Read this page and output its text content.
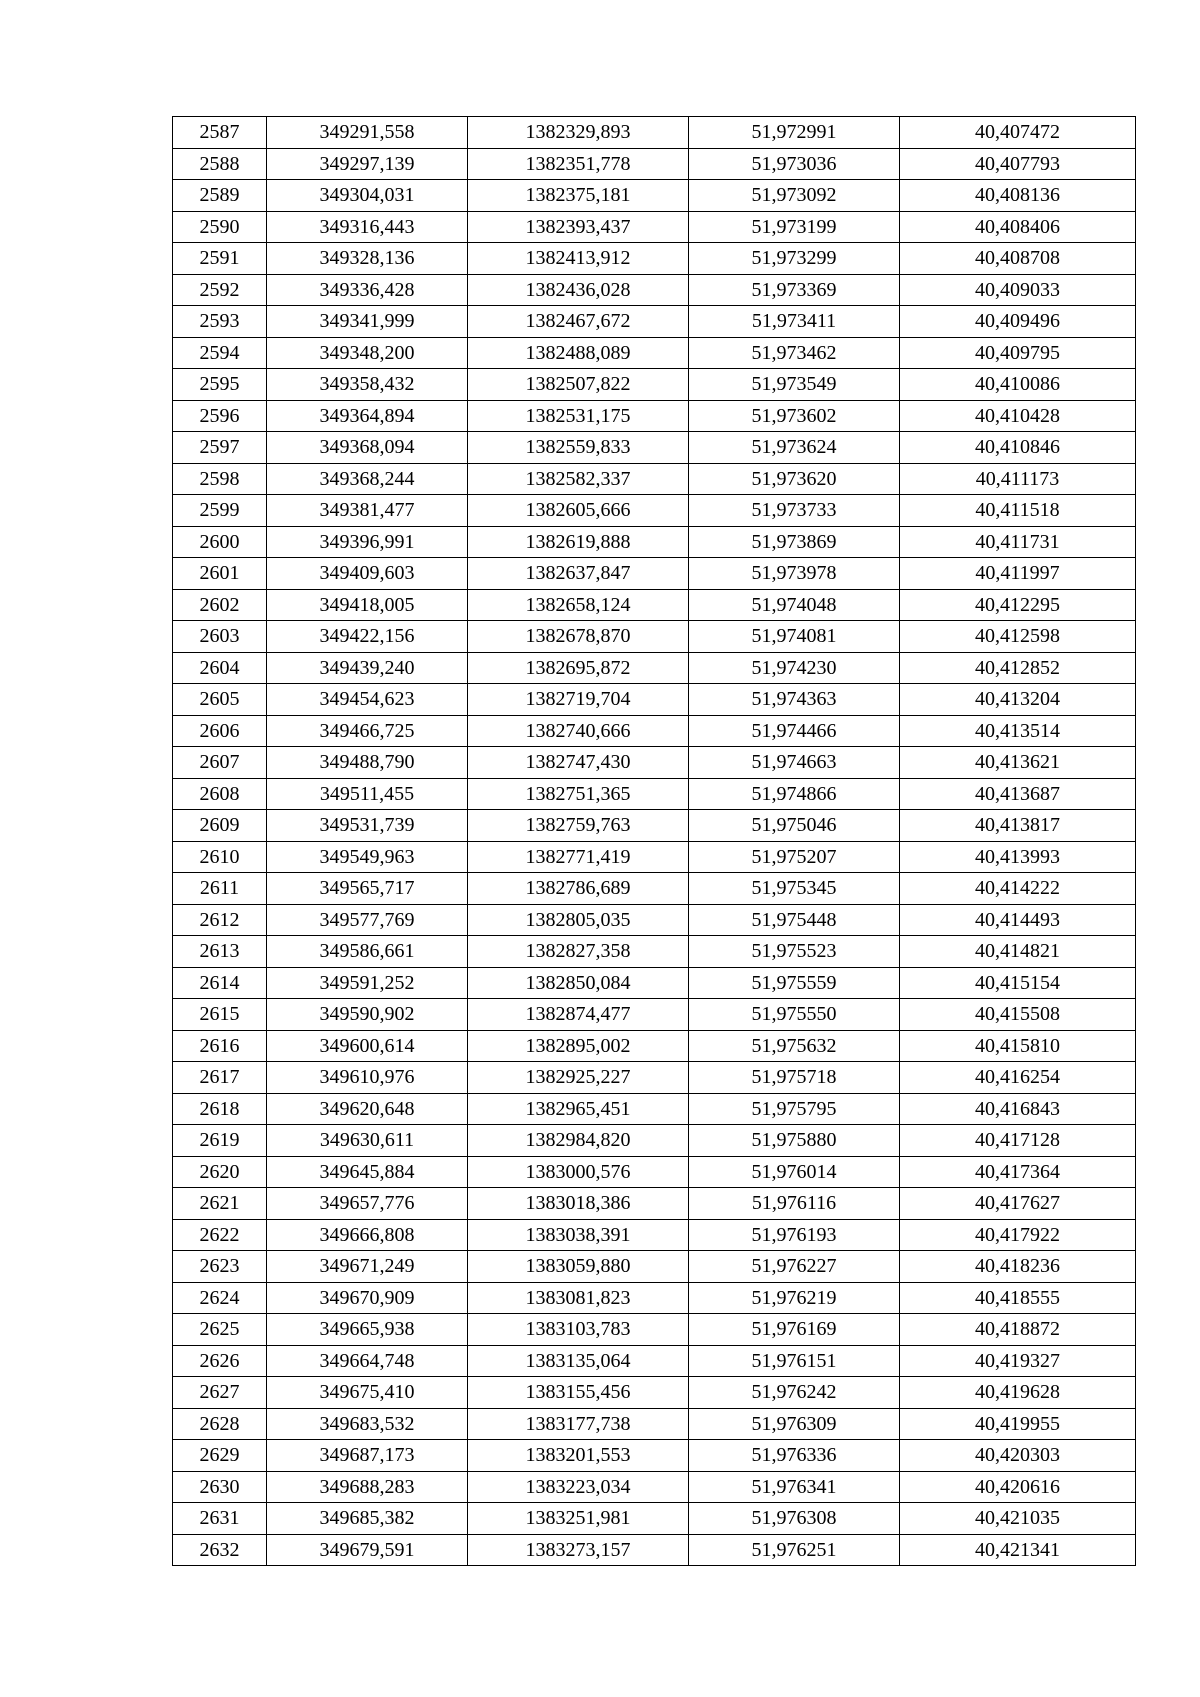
2587	349291,558	1382329,893	51,972991	40,407472
2588	349297,139	1382351,778	51,973036	40,407793
2589	349304,031	1382375,181	51,973092	40,408136
2590	349316,443	1382393,437	51,973199	40,408406
2591	349328,136	1382413,912	51,973299	40,408708
2592	349336,428	1382436,028	51,973369	40,409033
2593	349341,999	1382467,672	51,973411	40,409496
2594	349348,200	1382488,089	51,973462	40,409795
2595	349358,432	1382507,822	51,973549	40,410086
2596	349364,894	1382531,175	51,973602	40,410428
2597	349368,094	1382559,833	51,973624	40,410846
2598	349368,244	1382582,337	51,973620	40,411173
2599	349381,477	1382605,666	51,973733	40,411518
2600	349396,991	1382619,888	51,973869	40,411731
2601	349409,603	1382637,847	51,973978	40,411997
2602	349418,005	1382658,124	51,974048	40,412295
2603	349422,156	1382678,870	51,974081	40,412598
2604	349439,240	1382695,872	51,974230	40,412852
2605	349454,623	1382719,704	51,974363	40,413204
2606	349466,725	1382740,666	51,974466	40,413514
2607	349488,790	1382747,430	51,974663	40,413621
2608	349511,455	1382751,365	51,974866	40,413687
2609	349531,739	1382759,763	51,975046	40,413817
2610	349549,963	1382771,419	51,975207	40,413993
2611	349565,717	1382786,689	51,975345	40,414222
2612	349577,769	1382805,035	51,975448	40,414493
2613	349586,661	1382827,358	51,975523	40,414821
2614	349591,252	1382850,084	51,975559	40,415154
2615	349590,902	1382874,477	51,975550	40,415508
2616	349600,614	1382895,002	51,975632	40,415810
2617	349610,976	1382925,227	51,975718	40,416254
2618	349620,648	1382965,451	51,975795	40,416843
2619	349630,611	1382984,820	51,975880	40,417128
2620	349645,884	1383000,576	51,976014	40,417364
2621	349657,776	1383018,386	51,976116	40,417627
2622	349666,808	1383038,391	51,976193	40,417922
2623	349671,249	1383059,880	51,976227	40,418236
2624	349670,909	1383081,823	51,976219	40,418555
2625	349665,938	1383103,783	51,976169	40,418872
2626	349664,748	1383135,064	51,976151	40,419327
2627	349675,410	1383155,456	51,976242	40,419628
2628	349683,532	1383177,738	51,976309	40,419955
2629	349687,173	1383201,553	51,976336	40,420303
2630	349688,283	1383223,034	51,976341	40,420616
2631	349685,382	1383251,981	51,976308	40,421035
2632	349679,591	1383273,157	51,976251	40,421341
